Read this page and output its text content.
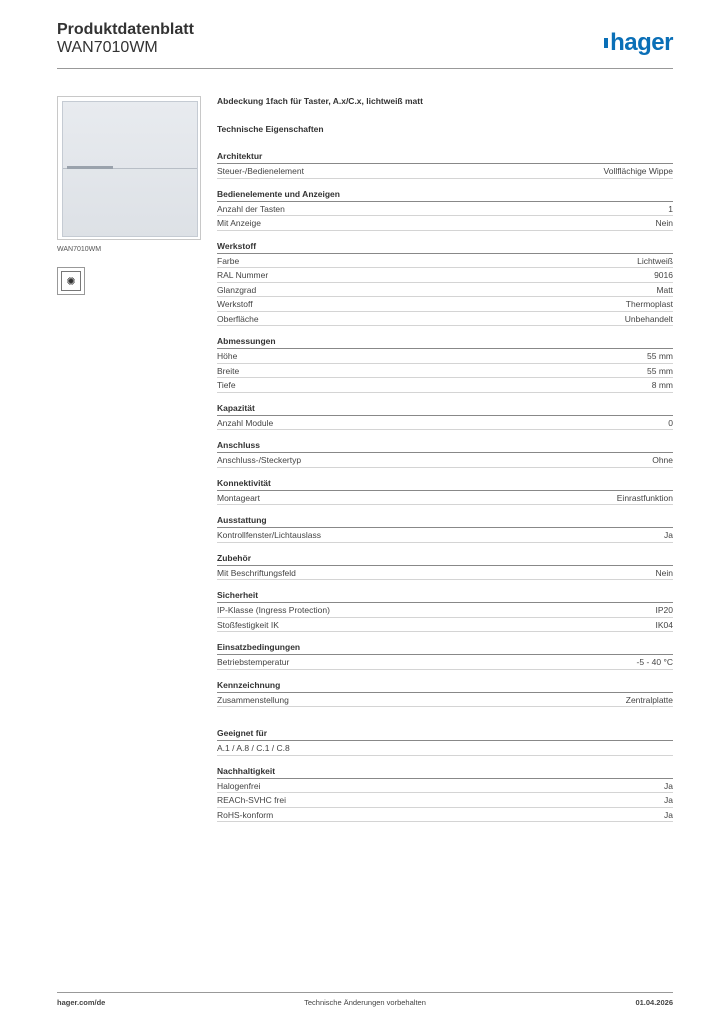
Produktdatenblatt
WAN7010WM	hager
WAN7010WM
✺
Abdeckung 1fach für Taster, A.x/C.x, lichtweiß matt
Technische Eigenschaften
Architektur
Steuer-/Bedienelement	Vollflächige Wippe
Bedienelemente und Anzeigen
Anzahl der Tasten	1
Mit Anzeige	Nein
Werkstoff
Farbe	Lichtweiß
RAL Nummer	9016
Glanzgrad	Matt
Werkstoff	Thermoplast
Oberfläche	Unbehandelt
Abmessungen
Höhe	55 mm
Breite	55 mm
Tiefe	8 mm
Kapazität
Anzahl Module	0
Anschluss
Anschluss-/Steckertyp	Ohne
Konnektivität
Montageart	Einrastfunktion
Ausstattung
Kontrollfenster/Lichtauslass	Ja
Zubehör
Mit Beschriftungsfeld	Nein
Sicherheit
IP-Klasse (Ingress Protection)	IP20
Stoßfestigkeit IK	IK04
Einsatzbedingungen
Betriebstemperatur	-5 - 40 °C
Kennzeichnung
Zusammenstellung	Zentralplatte
Geeignet für
A.1 / A.8 / C.1 / C.8
Nachhaltigkeit
Halogenfrei	Ja
REACh-SVHC frei	Ja
RoHS-konform	Ja
hager.com/de	Technische Änderungen vorbehalten	01.04.2026
